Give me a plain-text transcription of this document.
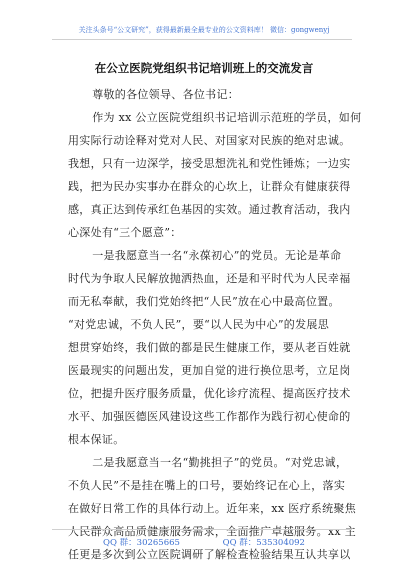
关注头条号“公文研究”，获得最新最全最专业的公文资料库！ 微信：gongwenyj
在公立医院党组织书记培训班上的交流发言

尊敬的各位领导、各位书记：

作为 xx 公立医院党组织书记培训示范班的学员，如何
用实际行动诠释对党对人民、对国家对民族的绝对忠诚。
我想，只有一边深学，接受思想洗礼和党性锤炼；一边实
践，把为民办实事办在群众的心坎上，让群众有健康获得
感，真正达到传承红色基因的实效。通过教育活动，我内
心深处有“三个愿意”：

一是我愿意当一名“永葆初心”的党员。无论是革命
时代为争取人民解放抛洒热血，还是和平时代为人民幸福
而无私奉献，我们党始终把“人民”放在心中最高位置。
“对党忠诚，不负人民”，要“以人民为中心”的发展思
想贯穿始终，我们做的都是民生健康工作，要从老百姓就
医最现实的问题出发，更加自觉的进行换位思考，立足岗
位，把提升医疗服务质量，优化诊疗流程、提高医疗技术
水平、加强医德医风建设这些工作都作为践行初心使命的
根本保证。

二是我愿意当一名“勤挑担子”的党员。“对党忠诚，
不负人民”不是挂在嘴上的口号，要始终记在心上，落实
在做好日常工作的具体行动上。近年来，xx 医疗系统聚焦
人民群众高品质健康服务需求，全面推广卓越服务。xx 主
任更是多次到公立医院调研了解检查检验结果互认共享以

QQ 群：30265665	QQ 群：535304092
